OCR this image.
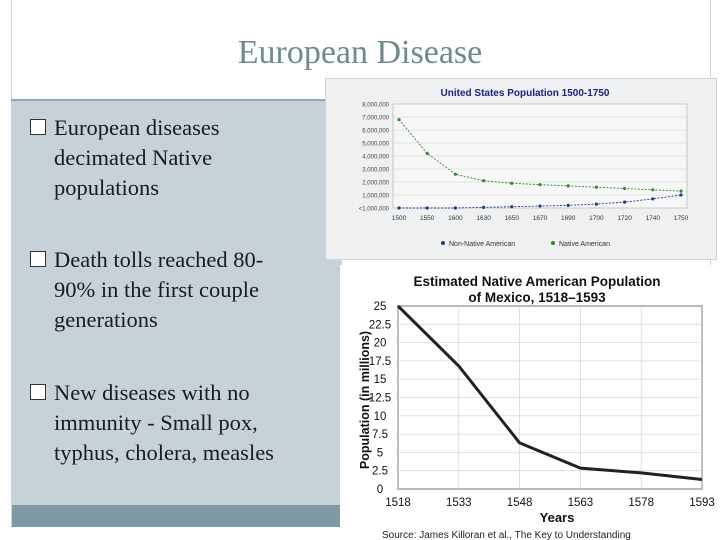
European Disease
European diseases
decimated Native
populations
Death tolls reached 80-
90% in the first couple
generations
New diseases with no
immunity - Small pox,
typhus, cholera, measles
United States Population 1500-1750
8,000,000
7,000,000
6,000,000
5,000,000
4,000,000
3,000,000
2,000,000
1,000,000
<1,000,000
1500 1550 1600 1630 1650 1670 1690 1700 1720 1740 1750
Non-Native American	Native American
Estimated Native American Population
of Mexico, 1518–1593
Population (in millions)
Years
0
2.5
5
7.5
10
12.5
15
17.5
20
22.5
25
1518	1533	1548	1563	1578	1593
Source: James Killoran et al., The Key to Understanding
